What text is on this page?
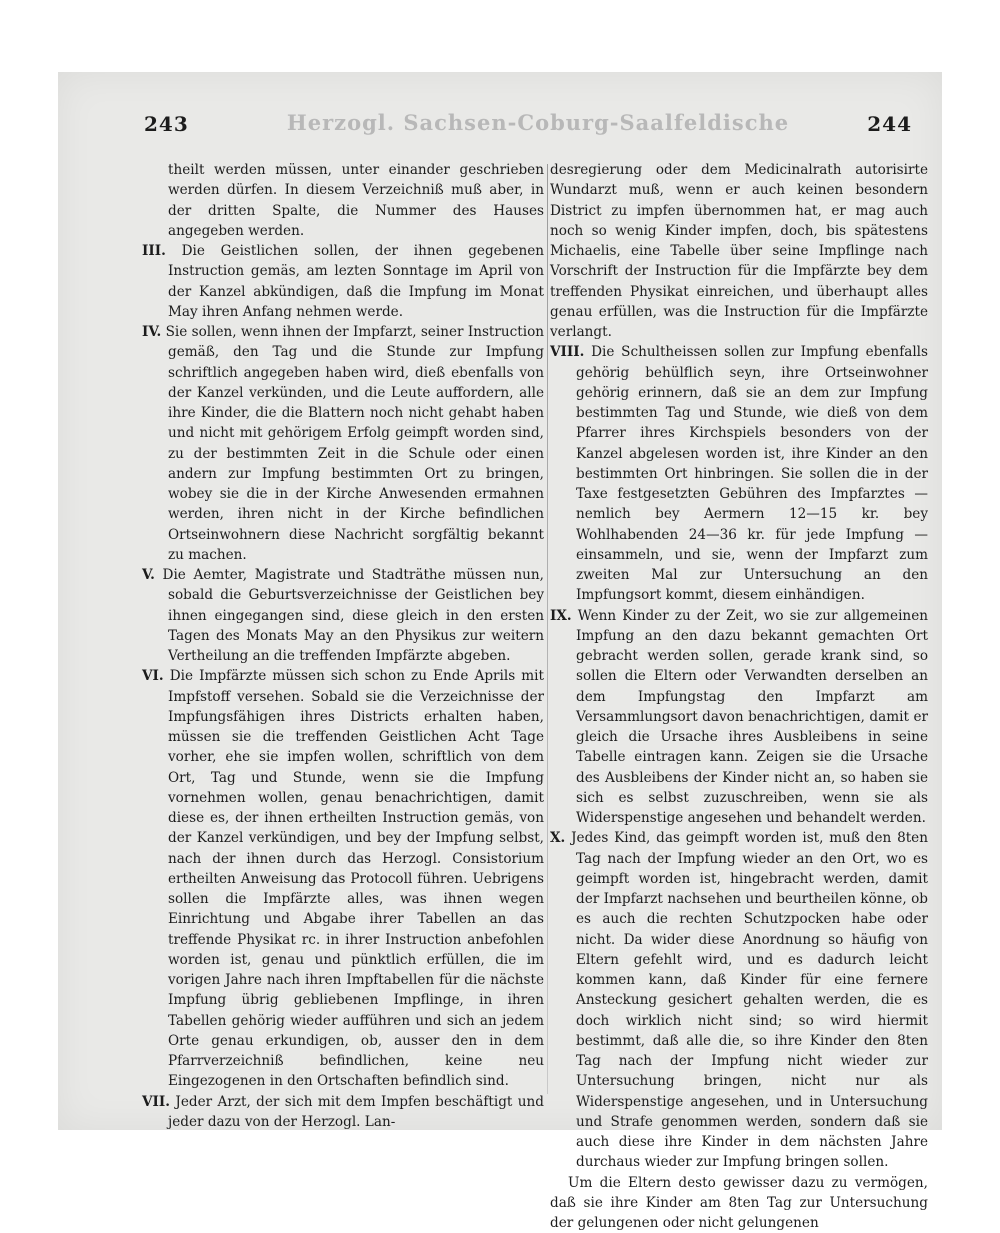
243	Herzogl. Sachsen-Coburg-Saalfeldische	244

theilt werden müssen, unter einander geschrieben werden dürfen. In diesem Verzeichniß muß aber, in der dritten Spalte, die Nummer des Hauses angegeben werden.

III. Die Geistlichen sollen, der ihnen gegebenen Instruction gemäs, am lezten Sonntage im April von der Kanzel abkündigen, daß die Impfung im Monat May ihren Anfang nehmen werde.

IV. Sie sollen, wenn ihnen der Impfarzt, seiner Instruction gemäß, den Tag und die Stunde zur Impfung schriftlich angegeben haben wird, dieß ebenfalls von der Kanzel verkünden, und die Leute auffordern, alle ihre Kinder, die die Blattern noch nicht gehabt haben und nicht mit gehörigem Erfolg geimpft worden sind, zu der bestimmten Zeit in die Schule oder einen andern zur Impfung bestimmten Ort zu bringen, wobey sie die in der Kirche Anwesenden ermahnen werden, ihren nicht in der Kirche befindlichen Ortseinwohnern diese Nachricht sorgfältig bekannt zu machen.

V. Die Aemter, Magistrate und Stadträthe müssen nun, sobald die Geburtsverzeichnisse der Geistlichen bey ihnen eingegangen sind, diese gleich in den ersten Tagen des Monats May an den Physikus zur weitern Vertheilung an die treffenden Impfärzte abgeben.

VI. Die Impfärzte müssen sich schon zu Ende Aprils mit Impfstoff versehen. Sobald sie die Verzeichnisse der Impfungsfähigen ihres Districts erhalten haben, müssen sie die treffenden Geistlichen Acht Tage vorher, ehe sie impfen wollen, schriftlich von dem Ort, Tag und Stunde, wenn sie die Impfung vornehmen wollen, genau benachrichtigen, damit diese es, der ihnen ertheilten Instruction gemäs, von der Kanzel verkündigen, und bey der Impfung selbst, nach der ihnen durch das Herzogl. Consistorium ertheilten Anweisung das Protocoll führen. Uebrigens sollen die Impfärzte alles, was ihnen wegen Einrichtung und Abgabe ihrer Tabellen an das treffende Physikat rc. in ihrer Instruction anbefohlen worden ist, genau und pünktlich erfüllen, die im vorigen Jahre nach ihren Impftabellen für die nächste Impfung übrig gebliebenen Impflinge, in ihren Tabellen gehörig wieder aufführen und sich an jedem Orte genau erkundigen, ob, ausser den in dem Pfarrverzeichniß befindlichen, keine neu Eingezogenen in den Ortschaften befindlich sind.

VII. Jeder Arzt, der sich mit dem Impfen beschäftigt und jeder dazu von der Herzogl. Lan-

desregierung oder dem Medicinalrath autorisirte Wundarzt muß, wenn er auch keinen besondern District zu impfen übernommen hat, er mag auch noch so wenig Kinder impfen, doch, bis spätestens Michaelis, eine Tabelle über seine Impflinge nach Vorschrift der Instruction für die Impfärzte bey dem treffenden Physikat einreichen, und überhaupt alles genau erfüllen, was die Instruction für die Impfärzte verlangt.

VIII. Die Schultheissen sollen zur Impfung ebenfalls gehörig behülflich seyn, ihre Ortseinwohner gehörig erinnern, daß sie an dem zur Impfung bestimmten Tag und Stunde, wie dieß von dem Pfarrer ihres Kirchspiels besonders von der Kanzel abgelesen worden ist, ihre Kinder an den bestimmten Ort hinbringen. Sie sollen die in der Taxe festgesetzten Gebühren des Impfarztes — nemlich bey Aermern 12—15 kr. bey Wohlhabenden 24—36 kr. für jede Impfung — einsammeln, und sie, wenn der Impfarzt zum zweiten Mal zur Untersuchung an den Impfungsort kommt, diesem einhändigen.

IX. Wenn Kinder zu der Zeit, wo sie zur allgemeinen Impfung an den dazu bekannt gemachten Ort gebracht werden sollen, gerade krank sind, so sollen die Eltern oder Verwandten derselben an dem Impfungstag den Impfarzt am Versammlungsort davon benachrichtigen, damit er gleich die Ursache ihres Ausbleibens in seine Tabelle eintragen kann. Zeigen sie die Ursache des Ausbleibens der Kinder nicht an, so haben sie sich es selbst zuzuschreiben, wenn sie als Widerspenstige angesehen und behandelt werden.

X. Jedes Kind, das geimpft worden ist, muß den 8ten Tag nach der Impfung wieder an den Ort, wo es geimpft worden ist, hingebracht werden, damit der Impfarzt nachsehen und beurtheilen könne, ob es auch die rechten Schutzpocken habe oder nicht. Da wider diese Anordnung so häufig von Eltern gefehlt wird, und es dadurch leicht kommen kann, daß Kinder für eine fernere Ansteckung gesichert gehalten werden, die es doch wirklich nicht sind; so wird hiermit bestimmt, daß alle die, so ihre Kinder den 8ten Tag nach der Impfung nicht wieder zur Untersuchung bringen, nicht nur als Widerspenstige angesehen, und in Untersuchung und Strafe genommen werden, sondern daß sie auch diese ihre Kinder in dem nächsten Jahre durchaus wieder zur Impfung bringen sollen.

Um die Eltern desto gewisser dazu zu vermögen, daß sie ihre Kinder am 8ten Tag zur Untersuchung der gelungenen oder nicht gelungenen
